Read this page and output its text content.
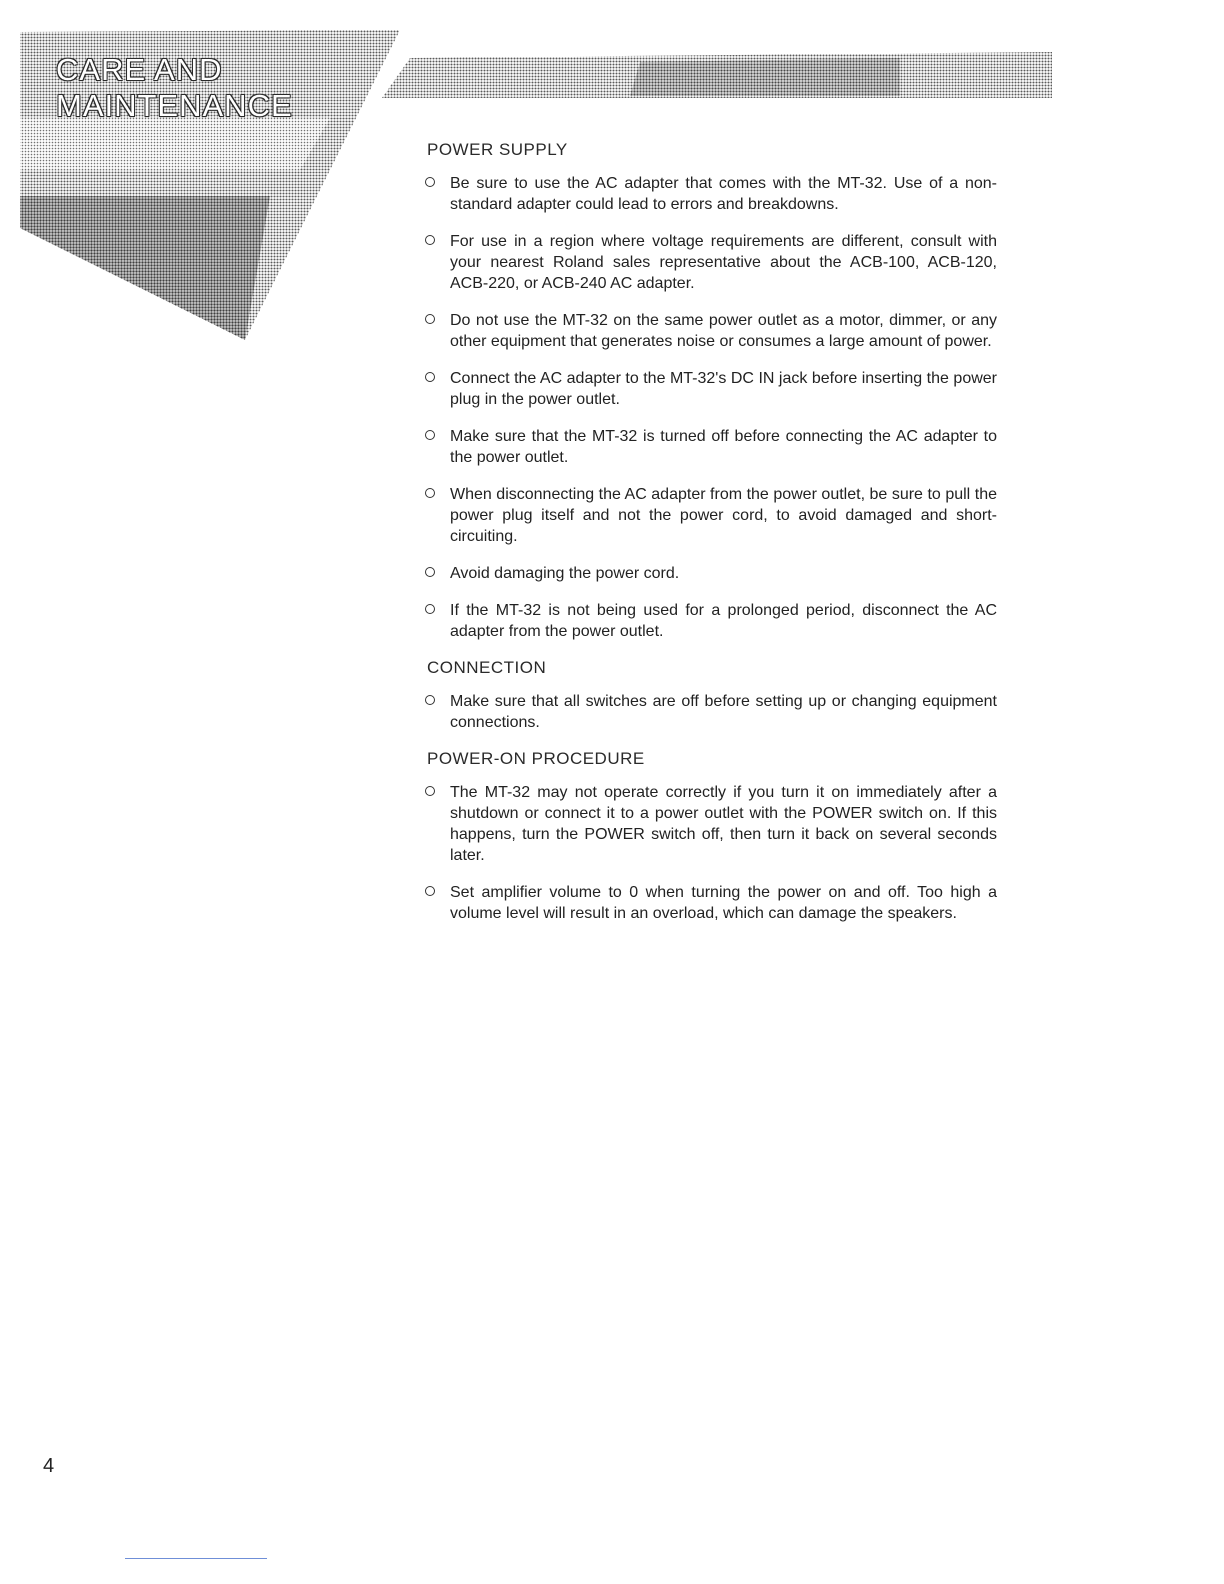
CARE AND
MAINTENANCE
POWER SUPPLY
Be sure to use the AC adapter that comes with the MT-32. Use of a non-standard adapter could lead to errors and breakdowns.
For use in a region where voltage requirements are different, consult with your nearest Roland sales representative about the ACB-100, ACB-120, ACB-220, or ACB-240 AC adapter.
Do not use the MT-32 on the same power outlet as a motor, dimmer, or any other equipment that generates noise or consumes a large amount of power.
Connect the AC adapter to the MT-32's DC IN jack before inserting the power plug in the power outlet.
Make sure that the MT-32 is turned off before connecting the AC adapter to the power outlet.
When disconnecting the AC adapter from the power outlet, be sure to pull the power plug itself and not the power cord, to avoid damaged and short-circuiting.
Avoid damaging the power cord.
If the MT-32 is not being used for a prolonged period, disconnect the AC adapter from the power outlet.
CONNECTION
Make sure that all switches are off before setting up or changing equipment connections.
POWER-ON PROCEDURE
The MT-32 may not operate correctly if you turn it on immediately after a shutdown or connect it to a power outlet with the POWER switch on. If this happens, turn the POWER switch off, then turn it back on several seconds later.
Set amplifier volume to 0 when turning the power on and off. Too high a volume level will result in an overload, which can damage the speakers.
4
